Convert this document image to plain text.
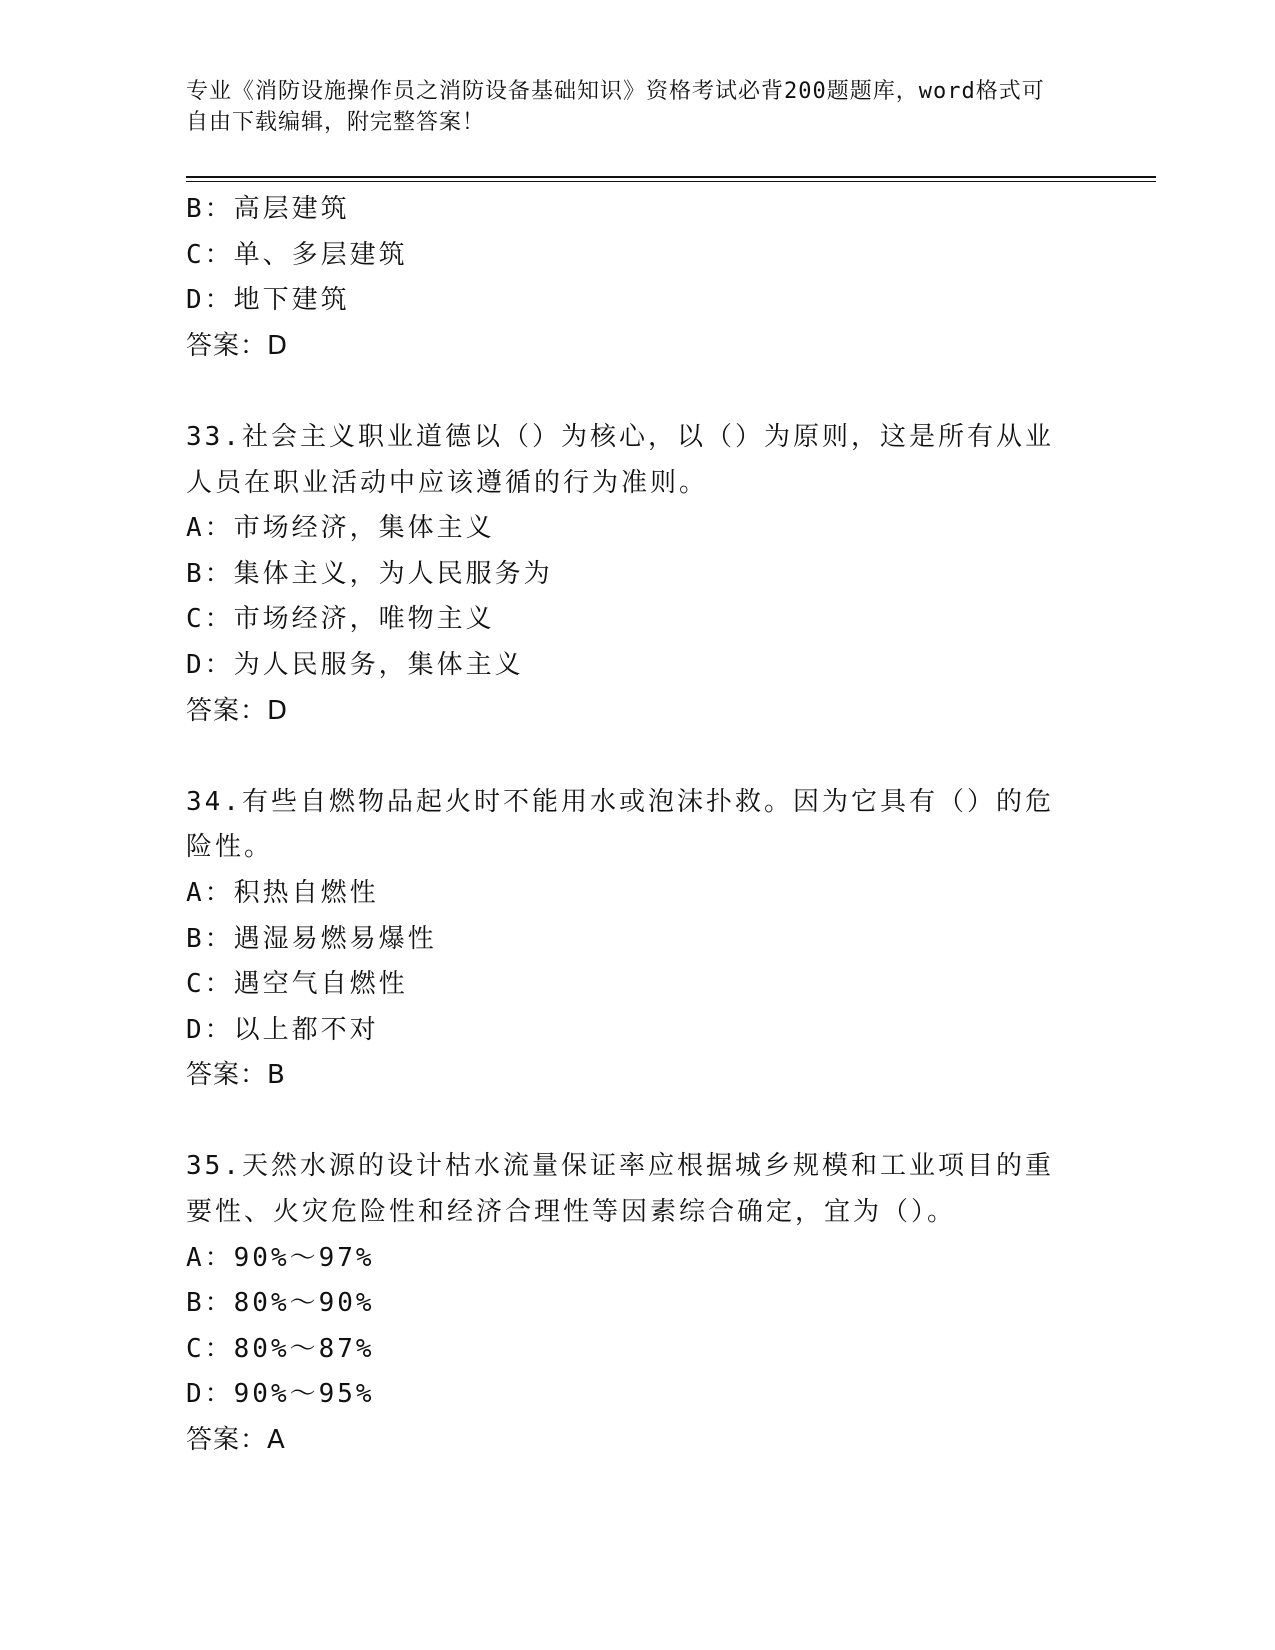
专业《消防设施操作员之消防设备基础知识》资格考试必背200题题库，word格式可自由下载编辑，附完整答案！
B：高层建筑
C：单、多层建筑
D：地下建筑
答案：D
33.社会主义职业道德以（）为核心，以（）为原则，这是所有从业人员在职业活动中应该遵循的行为准则。
A：市场经济，集体主义
B：集体主义，为人民服务为
C：市场经济，唯物主义
D：为人民服务，集体主义
答案：D
34.有些自燃物品起火时不能用水或泡沫扑救。因为它具有（）的危险性。
A：积热自燃性
B：遇湿易燃易爆性
C：遇空气自燃性
D：以上都不对
答案：B
35.天然水源的设计枯水流量保证率应根据城乡规模和工业项目的重要性、火灾危险性和经济合理性等因素综合确定，宜为（）。
A：90%～97%
B：80%～90%
C：80%～87%
D：90%～95%
答案：A
